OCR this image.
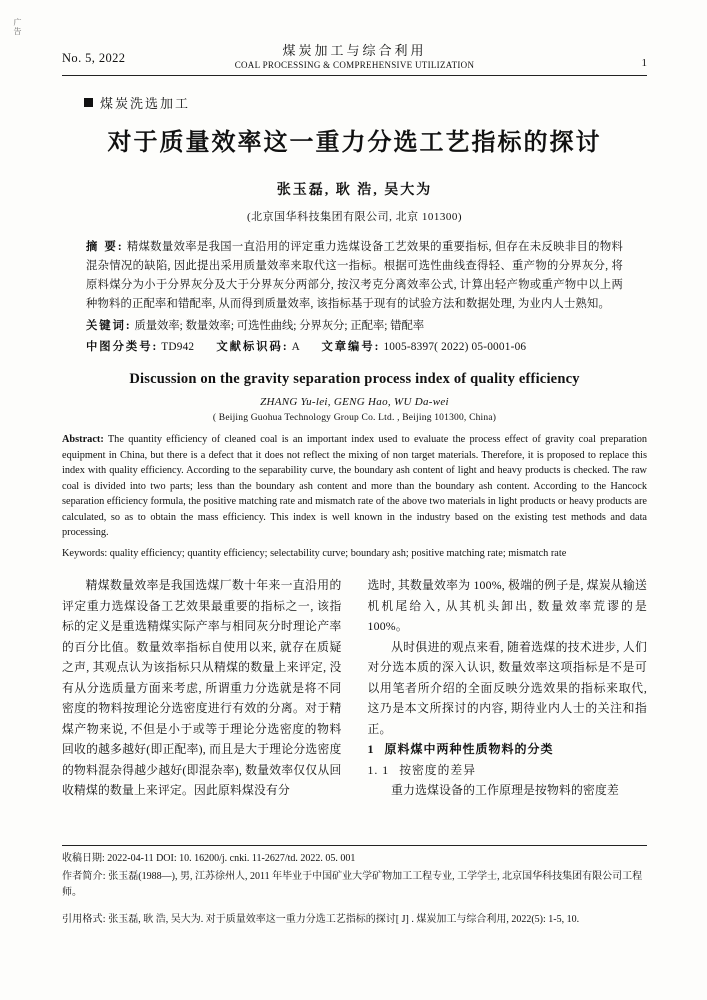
广告
No. 5, 2022	煤炭加工与综合利用
COAL PROCESSING & COMPREHENSIVE UTILIZATION	1
煤炭洗选加工
对于质量效率这一重力分选工艺指标的探讨
张玉磊, 耿 浩, 吴大为
(北京国华科技集团有限公司, 北京 101300)
摘 要: 精煤数量效率是我国一直沿用的评定重力选煤设备工艺效果的重要指标, 但存在未反映非目的物料混杂情况的缺陷, 因此提出采用质量效率来取代这一指标。根据可选性曲线查得轻、重产物的分界灰分, 将原料煤分为小于分界灰分及大于分界灰分两部分, 按汉考克分离效率公式, 计算出轻产物或重产物中以上两种物料的正配率和错配率, 从而得到质量效率, 该指标基于现有的试验方法和数据处理, 为业内人士熟知。
关键词: 质量效率; 数量效率; 可选性曲线; 分界灰分; 正配率; 错配率
中图分类号: TD942 文献标识码: A 文章编号: 1005-8397( 2022) 05-0001-06
Discussion on the gravity separation process index of quality efficiency
ZHANG Yu-lei, GENG Hao, WU Da-wei
( Beijing Guohua Technology Group Co. Ltd. , Beijing 101300, China)
Abstract: The quantity efficiency of cleaned coal is an important index used to evaluate the process effect of gravity coal preparation equipment in China, but there is a defect that it does not reflect the mixing of non target materials. Therefore, it is proposed to replace this index with quality efficiency. According to the separability curve, the boundary ash content of light and heavy products is checked. The raw coal is divided into two parts; less than the boundary ash content and more than the boundary ash content. According to the Hancock separation efficiency formula, the positive matching rate and mismatch rate of the above two materials in light products or heavy products are calculated, so as to obtain the mass efficiency. This index is well known in the industry based on the existing test methods and data processing.
Keywords: quality efficiency; quantity efficiency; selectability curve; boundary ash; positive matching rate; mismatch rate

精煤数量效率是我国选煤厂数十年来一直沿用的评定重力选煤设备工艺效果最重要的指标之一, 该指标的定义是重选精煤实际产率与相同灰分时理论产率的百分比值。数量效率指标自使用以来, 就存在质疑之声, 其观点认为该指标只从精煤的数量上来评定, 没有从分选质量方面来考虑, 所谓重力分选就是将不同密度的物料按理论分选密度进行有效的分离。对于精煤产物来说, 不但是小于或等于理论分选密度的物料回收的越多越好(即正配率), 而且是大于理论分选密度的物料混杂得越少越好(即混杂率), 数量效率仅仅从回收精煤的数量上来评定。因此原料煤没有分

选时, 其数量效率为 100%, 极端的例子是, 煤炭从输送机机尾给入, 从其机头卸出, 数量效率荒谬的是 100%。

从时俱进的观点来看, 随着选煤的技术进步, 人们对分选本质的深入认识, 数量效率这项指标是不是可以用笔者所介绍的全面反映分选效果的指标来取代, 这乃是本文所探讨的内容, 期待业内人士的关注和指正。

1 原料煤中两种性质物料的分类

1. 1 按密度的差异

重力选煤设备的工作原理是按物料的密度差

收稿日期: 2022-04-11 DOI: 10. 16200/j. cnki. 11-2627/td. 2022. 05. 001
作者简介: 张玉磊(1988—), 男, 江苏徐州人, 2011 年毕业于中国矿业大学矿物加工工程专业, 工学学士, 北京国华科技集团有限公司工程师。
引用格式: 张玉磊, 耿 浩, 吴大为. 对于质量效率这一重力分选工艺指标的探讨[ J] . 煤炭加工与综合利用, 2022(5): 1-5, 10.
